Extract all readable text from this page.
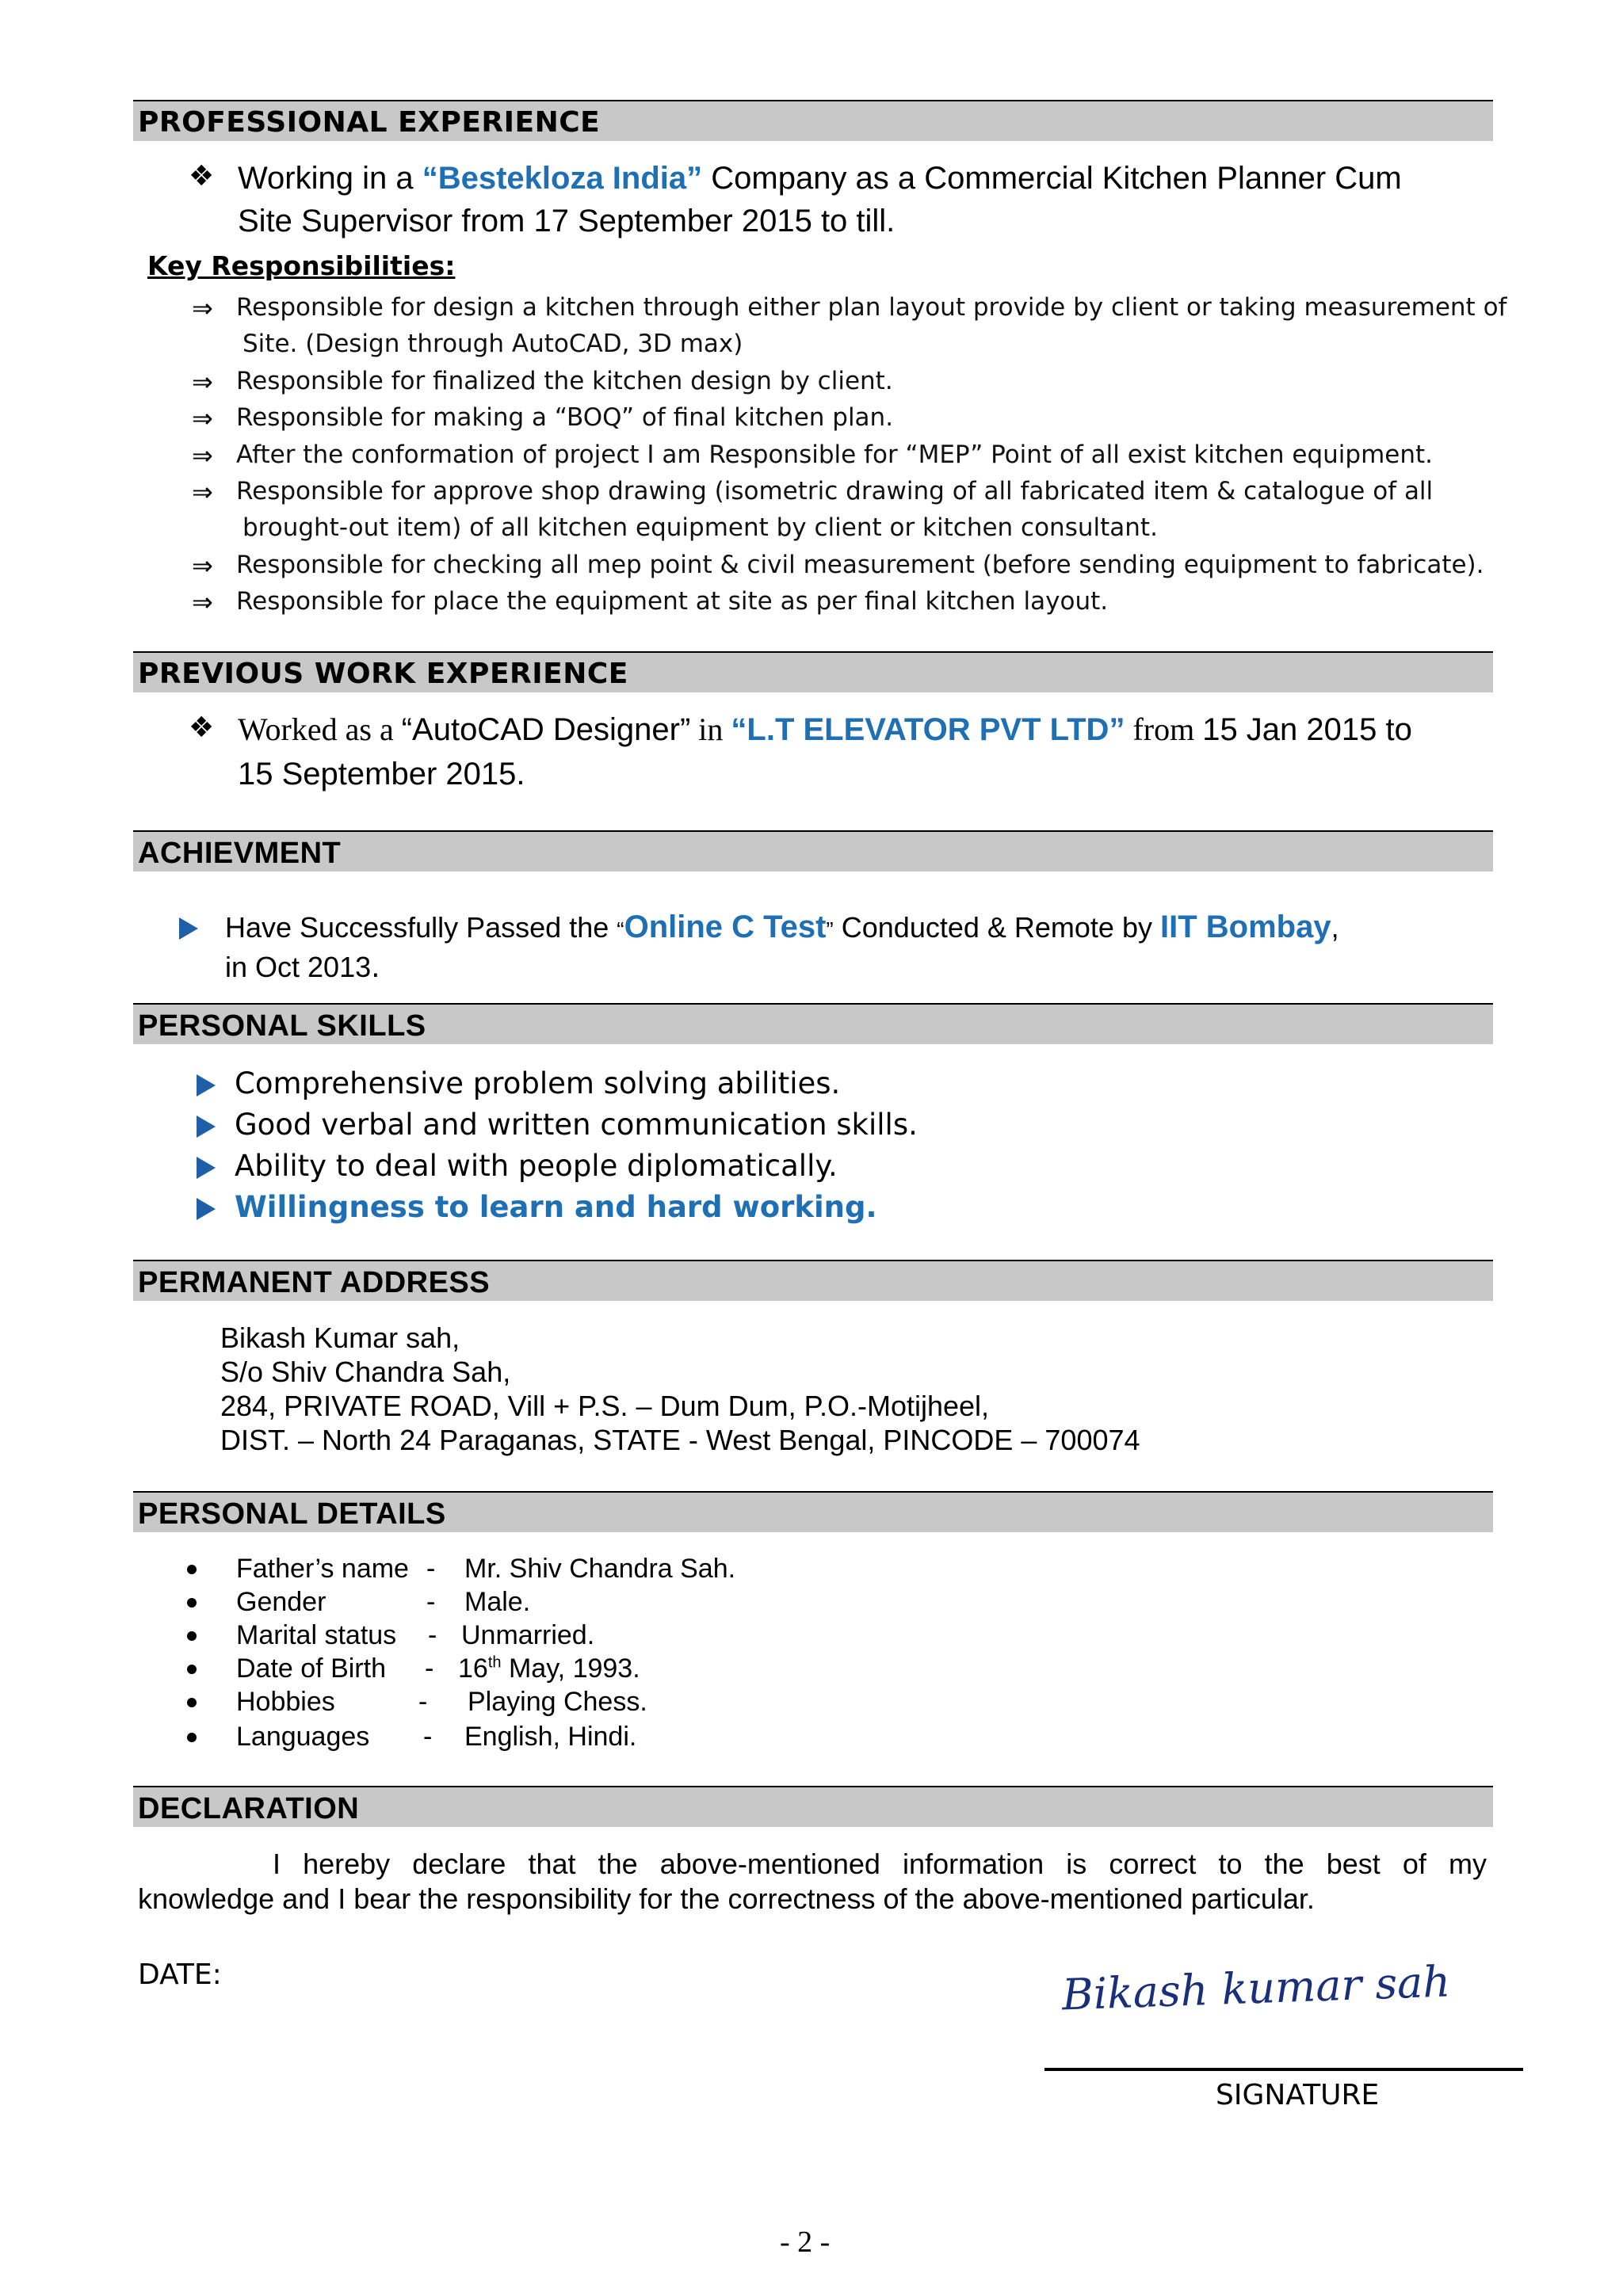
PROFESSIONAL EXPERIENCE
❖ Working in a “Bestekloza India” Company as a Commercial Kitchen Planner Cum
Site Supervisor from 17 September 2015 to till.
Key Responsibilities:
⇒ Responsible for design a kitchen through either plan layout provide by client or taking measurement of
Site. (Design through AutoCAD, 3D max)
⇒ Responsible for finalized the kitchen design by client.
⇒ Responsible for making a “BOQ” of final kitchen plan.
⇒ After the conformation of project I am Responsible for “MEP” Point of all exist kitchen equipment.
⇒ Responsible for approve shop drawing (isometric drawing of all fabricated item & catalogue of all
brought-out item) of all kitchen equipment by client or kitchen consultant.
⇒ Responsible for checking all mep point & civil measurement (before sending equipment to fabricate).
⇒ Responsible for place the equipment at site as per final kitchen layout.
PREVIOUS WORK EXPERIENCE
❖ Worked as a “AutoCAD Designer” in “L.T ELEVATOR PVT LTD” from 15 Jan 2015 to
15 September 2015.
ACHIEVMENT
Have Successfully Passed the “Online C Test” Conducted & Remote by IIT Bombay,
in Oct 2013.
PERSONAL SKILLS
Comprehensive problem solving abilities.
Good verbal and written communication skills.
Ability to deal with people diplomatically.
Willingness to learn and hard working.
PERMANENT ADDRESS
Bikash Kumar sah,
S/o Shiv Chandra Sah,
284, PRIVATE ROAD, Vill + P.S. – Dum Dum, P.O.-Motijheel,
DIST. – North 24 Paraganas, STATE - West Bengal, PINCODE – 700074
PERSONAL DETAILS
Father’s name - Mr. Shiv Chandra Sah.
Gender	- Male.
Marital status - Unmarried.
Date of Birth - 16th May, 1993.
Hobbies	- Playing Chess.
Languages - English, Hindi.
DECLARATION
I hereby declare that the above-mentioned information is correct to the best of my
knowledge and I bear the responsibility for the correctness of the above-mentioned particular.
DATE:	Bikash kumar sah
SIGNATURE
- 2 -
